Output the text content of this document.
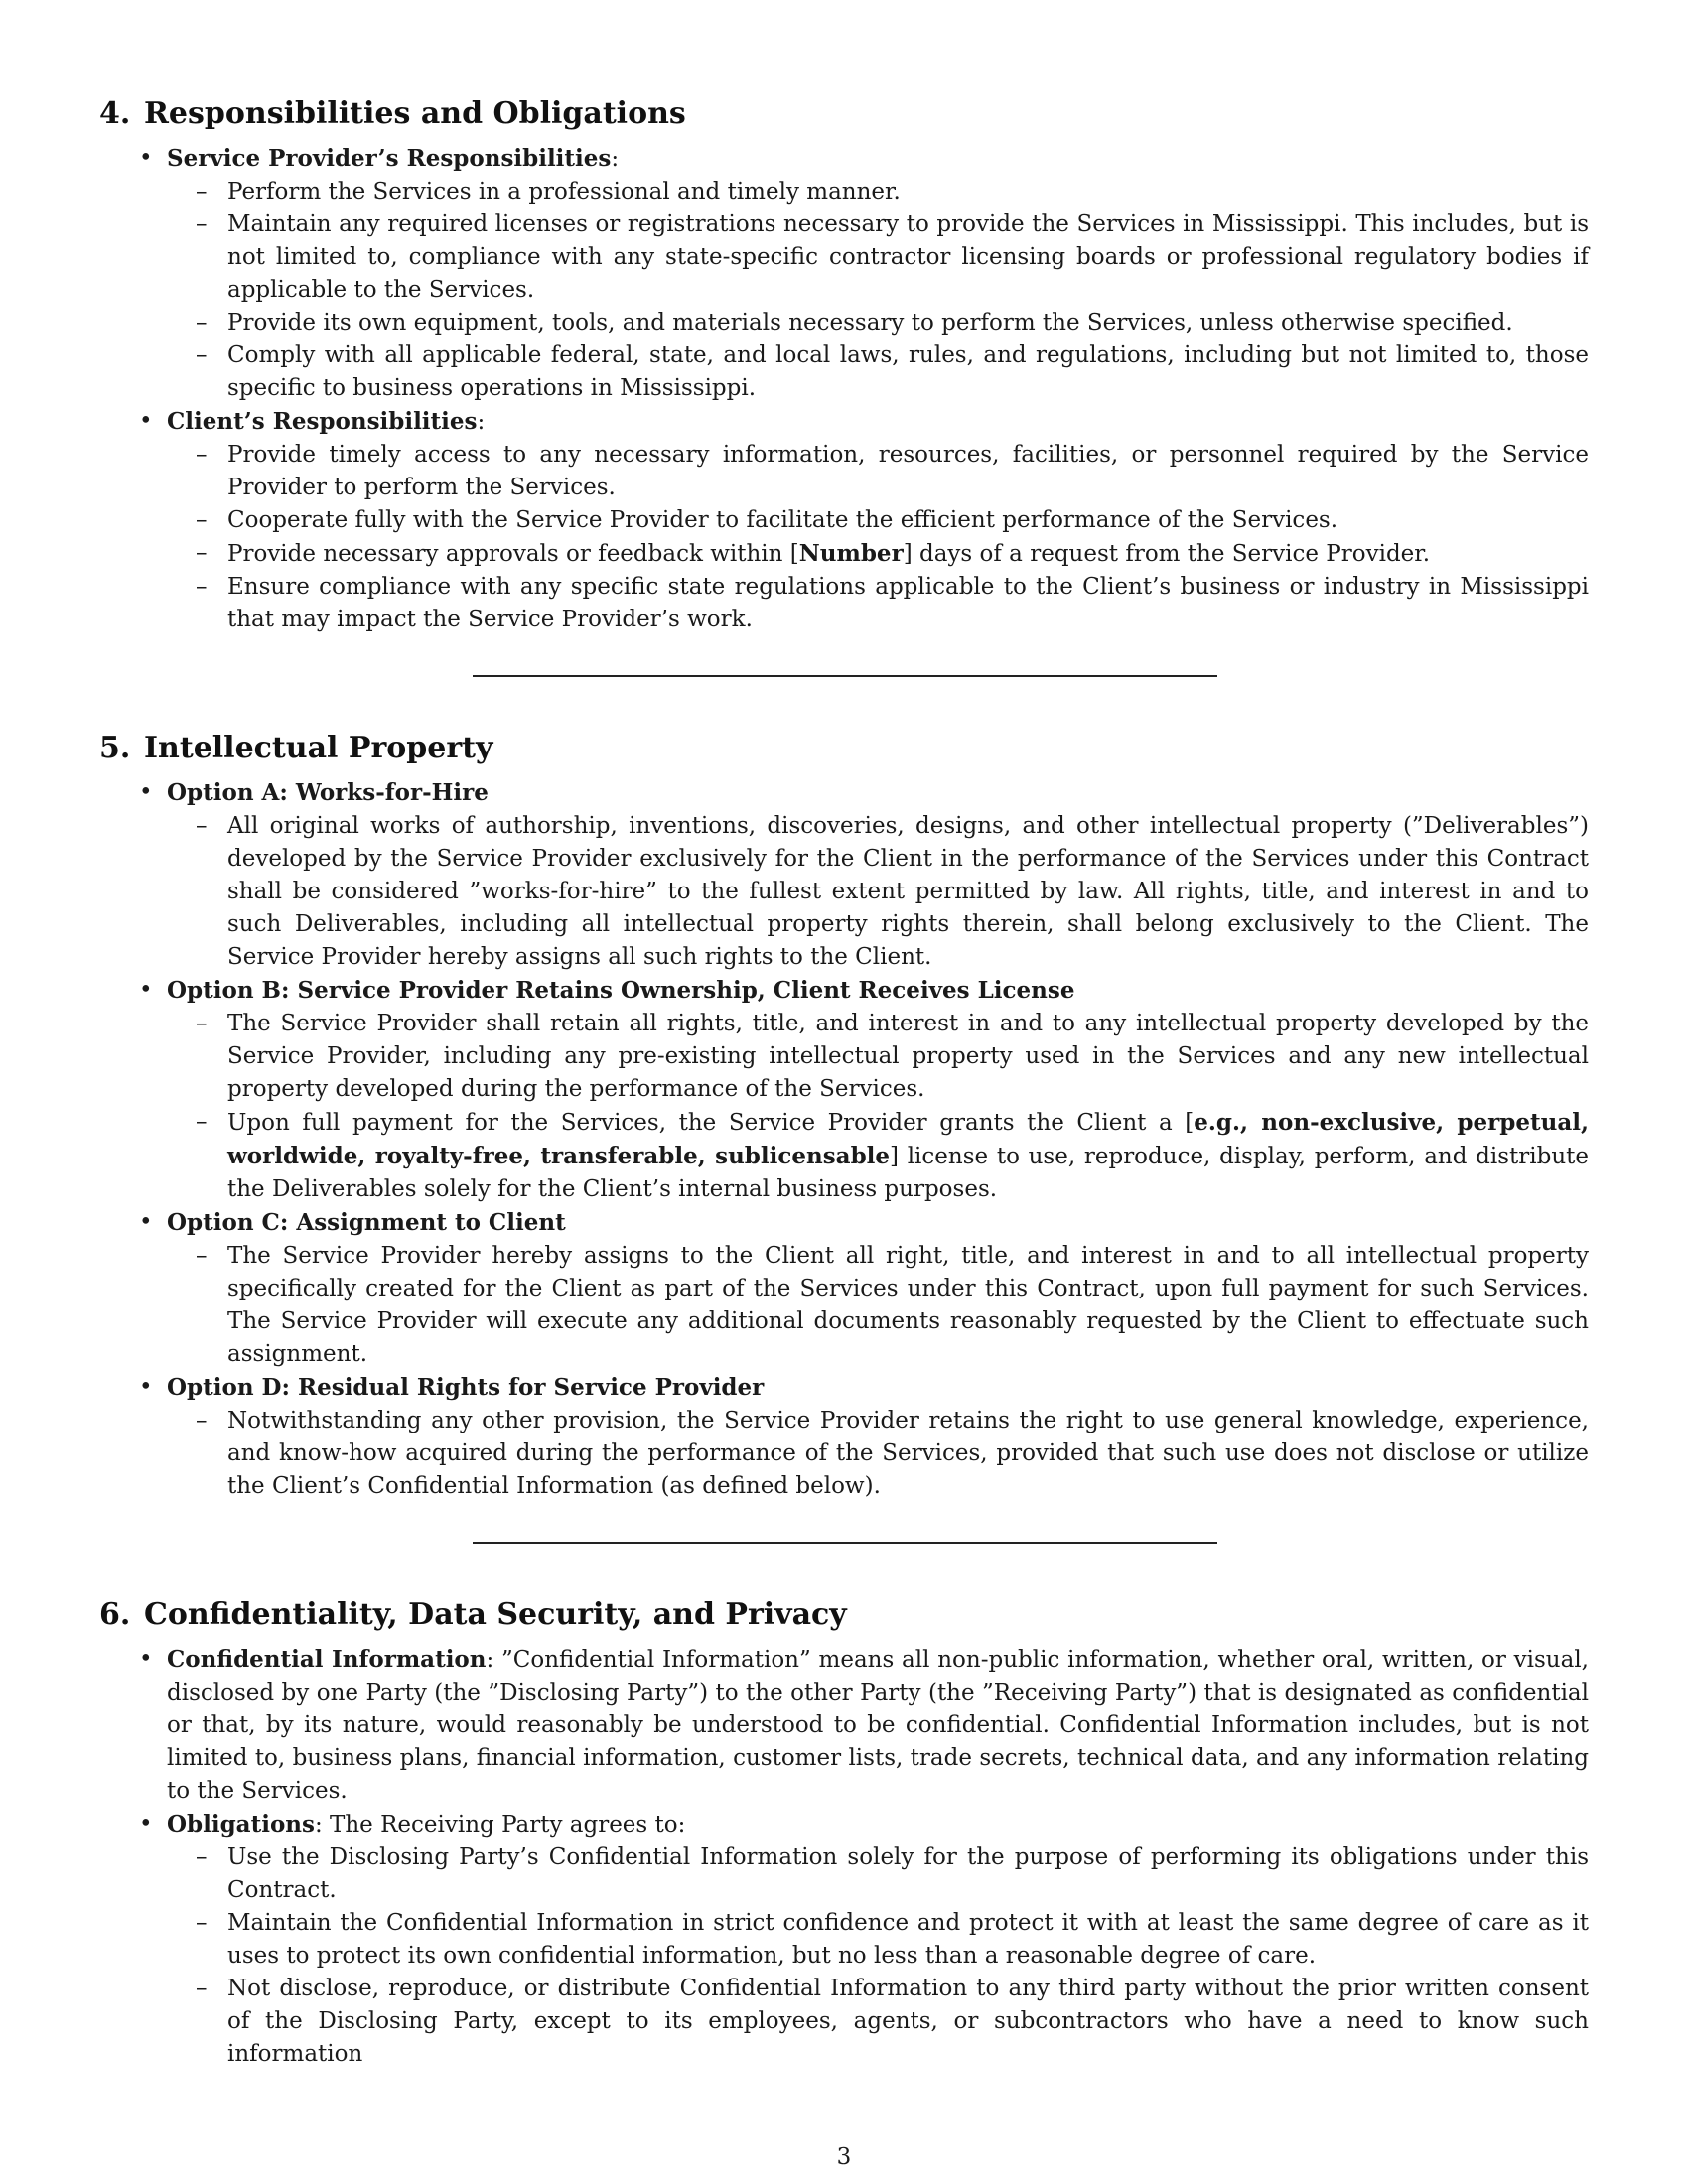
4. Responsibilities and Obligations
• Service Provider’s Responsibilities:
– Perform the Services in a professional and timely manner.
– Maintain any required licenses or registrations necessary to provide the Services in Mississippi. This includes, but is not limited to, compliance with any state-specific contractor licensing boards or professional regulatory bodies if applicable to the Services.
– Provide its own equipment, tools, and materials necessary to perform the Services, unless otherwise specified.
– Comply with all applicable federal, state, and local laws, rules, and regulations, including but not limited to, those specific to business operations in Mississippi.
• Client’s Responsibilities:
– Provide timely access to any necessary information, resources, facilities, or personnel required by the Service Provider to perform the Services.
– Cooperate fully with the Service Provider to facilitate the efficient performance of the Services.
– Provide necessary approvals or feedback within [Number] days of a request from the Service Provider.
– Ensure compliance with any specific state regulations applicable to the Client’s business or industry in Mississippi that may impact the Service Provider’s work.
5. Intellectual Property
• Option A: Works-for-Hire
– All original works of authorship, inventions, discoveries, designs, and other intellectual property (”Deliverables”) developed by the Service Provider exclusively for the Client in the performance of the Services under this Contract shall be considered ”works-for-hire” to the fullest extent permitted by law. All rights, title, and interest in and to such Deliverables, including all intellectual property rights therein, shall belong exclusively to the Client. The Service Provider hereby assigns all such rights to the Client.
• Option B: Service Provider Retains Ownership, Client Receives License
– The Service Provider shall retain all rights, title, and interest in and to any intellectual property developed by the Service Provider, including any pre-existing intellectual property used in the Services and any new intellectual property developed during the performance of the Services.
– Upon full payment for the Services, the Service Provider grants the Client a [e.g., non-exclusive, perpetual, worldwide, royalty-free, transferable, sublicensable] license to use, reproduce, display, perform, and distribute the Deliverables solely for the Client’s internal business purposes.
• Option C: Assignment to Client
– The Service Provider hereby assigns to the Client all right, title, and interest in and to all intellectual property specifically created for the Client as part of the Services under this Contract, upon full payment for such Services. The Service Provider will execute any additional documents reasonably requested by the Client to effectuate such assignment.
• Option D: Residual Rights for Service Provider
– Notwithstanding any other provision, the Service Provider retains the right to use general knowledge, experience, and know-how acquired during the performance of the Services, provided that such use does not disclose or utilize the Client’s Confidential Information (as defined below).
6. Confidentiality, Data Security, and Privacy
• Confidential Information: ”Confidential Information” means all non-public information, whether oral, written, or visual, disclosed by one Party (the ”Disclosing Party”) to the other Party (the ”Receiving Party”) that is designated as confidential or that, by its nature, would reasonably be understood to be confidential. Confidential Information includes, but is not limited to, business plans, financial information, customer lists, trade secrets, technical data, and any information relating to the Services.
• Obligations: The Receiving Party agrees to:
– Use the Disclosing Party’s Confidential Information solely for the purpose of performing its obligations under this Contract.
– Maintain the Confidential Information in strict confidence and protect it with at least the same degree of care as it uses to protect its own confidential information, but no less than a reasonable degree of care.
– Not disclose, reproduce, or distribute Confidential Information to any third party without the prior written consent of the Disclosing Party, except to its employees, agents, or subcontractors who have a need to know such information
3
